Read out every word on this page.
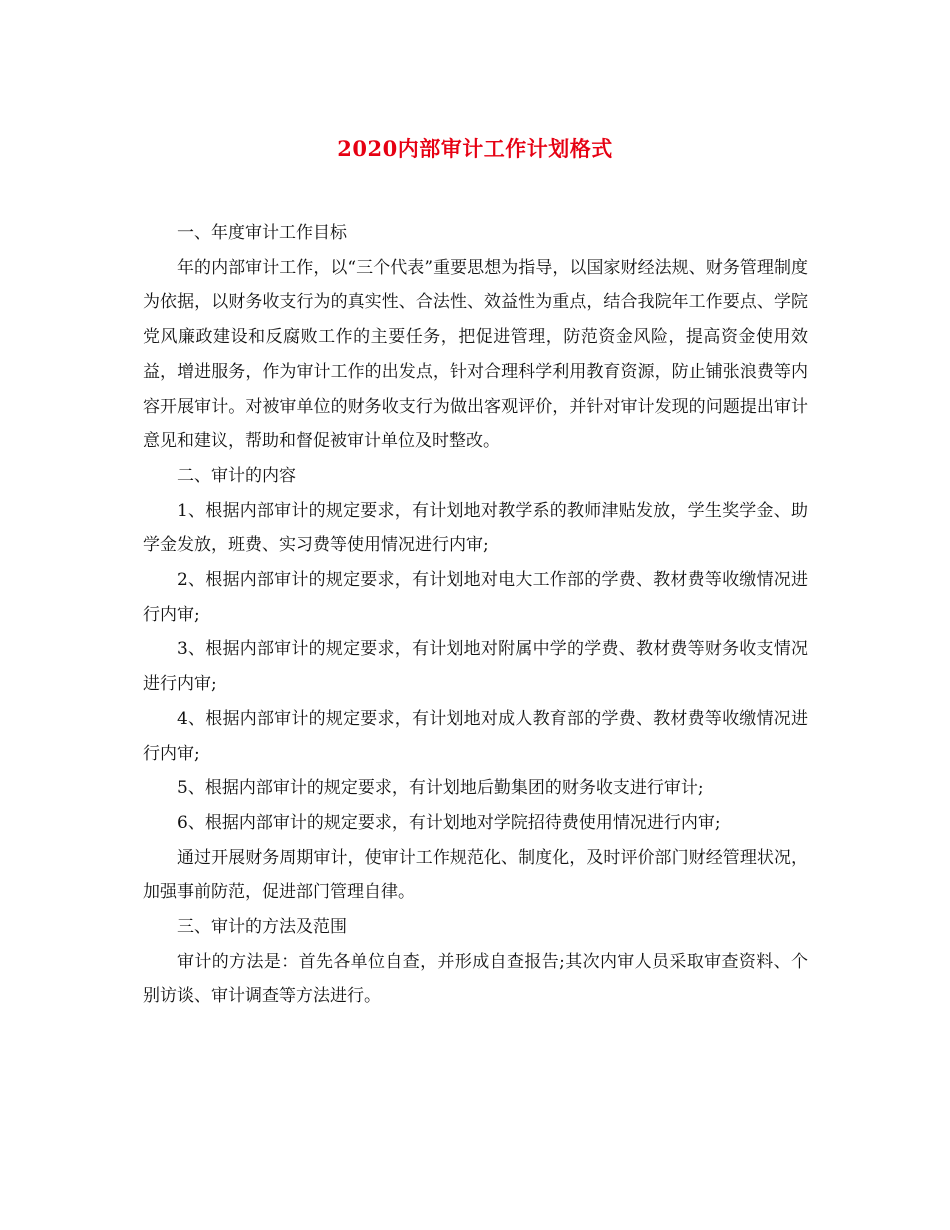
2020内部审计工作计划格式

一、年度审计工作目标

年的内部审计工作，以“三个代表”重要思想为指导，以国家财经法规、财务管理制度为依据，以财务收支行为的真实性、合法性、效益性为重点，结合我院年工作要点、学院党风廉政建设和反腐败工作的主要任务，把促进管理，防范资金风险，提高资金使用效益，增进服务，作为审计工作的出发点，针对合理科学利用教育资源，防止铺张浪费等内容开展审计。对被审单位的财务收支行为做出客观评价，并针对审计发现的问题提出审计意见和建议，帮助和督促被审计单位及时整改。

二、审计的内容

1、根据内部审计的规定要求，有计划地对教学系的教师津贴发放，学生奖学金、助学金发放，班费、实习费等使用情况进行内审;

2、根据内部审计的规定要求，有计划地对电大工作部的学费、教材费等收缴情况进行内审;

3、根据内部审计的规定要求，有计划地对附属中学的学费、教材费等财务收支情况进行内审;

4、根据内部审计的规定要求，有计划地对成人教育部的学费、教材费等收缴情况进行内审;

5、根据内部审计的规定要求，有计划地后勤集团的财务收支进行审计;

6、根据内部审计的规定要求，有计划地对学院招待费使用情况进行内审;

通过开展财务周期审计，使审计工作规范化、制度化，及时评价部门财经管理状况，加强事前防范，促进部门管理自律。

三、审计的方法及范围

审计的方法是：首先各单位自查，并形成自查报告;其次内审人员采取审查资料、个别访谈、审计调查等方法进行。
